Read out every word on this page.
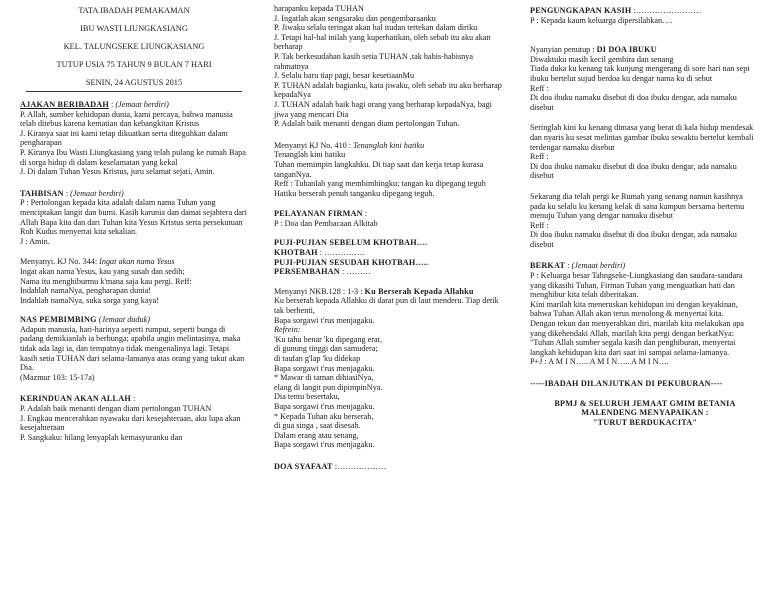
TATA IBADAH PEMAKAMAN

IBU WASTI LIUNGKASIANG

KEL. TALUNGSEKE LIUNGKASIANG

TUTUP USIA 75 TAHUN 9 BULAN 7 HARI

SENIN, 24 AGUSTUS 2015

AJAKAN BERIBADAH : (Jemaat berdiri)

P. Allah, sumber kehidupan dunia, kami percaya, bahwa manusia telah ditebus karena kematian dan kebangkitan Kristus

J. Kiranya saat ini kami tetap dikuatkan serta diteguhkan dalam pengharapan

P. Kiranya Ibu Wasti Liungkasiang yang telah pulang ke rumah Bapa di sorga hidup di dalam keselamatan yang kekal

J. Di dalam Tuhan Yesus Kristus, juru selamat sejati, Amin.

TAHBISAN : (Jemaat berdiri)

P : Pertolongan kepada kita adalah dalam nama Tuhan yang menciptakan langit dan bumi. Kasih karunia dan damai sejahtera dari Allah Bapa kita dan dari Tuhan kita Yesus Kristus serta persekutuan Roh Kudus menyertai kita sekalian.

J : Amin.

Menyanyi. KJ No. 344: Ingat akan nama Yesus

Ingat akan nama Yesus, kau yang susah dan sedih;

Nama itu menghiburmu k'mana saja kau pergi. Reff:

Indahlah namaNya, pengharapan dunia!

Indahlah namaNya, suka sorga yang kaya!

NAS PEMBIMBING (Jemaat duduk)

Adapun manusia, hari-harinya seperti rumput, seperti bunga di padang demikianlah ia berbunga; apabila angin melintasinya, maka tidak ada lagi ia, dan tempatnya tidak mengenalinya lagi. Tetapi kasih setia TUHAN dari selama-lamanya atas orang yang takut akan Dia.

(Mazmur 103: 15-17a)

KERINDUAN AKAN ALLAH :

P. Adalah baik menanti dengan diam pertolongan TUHAN

J. Engkau mencerahkan nyawaku dari kesejahteraan, aku lupa akan kesejahteraan

P. Sangkaku: hilang lenyaplah kemasyuranku dan

harapanku kepada TUHAN

J. Ingatlah akan sengsaraku dan pengembaraanku

P. Jiwaku selalu teringat akan hal itudan tertekan dalam diriku

J. Tetapi hal-hal inilah yang kuperhatikan, oleh sebab itu aku akan berharap

P. Tak berkesudahan kasih setia TUHAN ,tak habis-habisnya rahmatnya

J. Selalu baru tiap pagi, besar kesetiaanMu

P. TUHAN adalah bagianku, kata jiwaku, oleh sebab itu aku berharap kepadaNya

J. TUHAN adalah baik bagi orang yang berharap kepadaNya, bagi jiwa yang mencari Dia

P. Adalah baik menanti dengan diam pertolongan Tuhan.

Menyanyi KJ No. 410 : Tenanglah kini hatiku

Tenanglah kini hatiku

Tuhan memimpin langkahku. Di tiap saat dan kerja tetap kurasa tanganNya.

Reff : Tuhanlah yang membimbingku; tangan ku dipegang teguh

Hatiku berserah penuh tanganku dipegang teguh.

PELAYANAN FIRMAN :

P : Doa dan Pembacaan Alkitab

PUJI-PUJIAN SEBELUM KHOTBAH….

KHOTBAH : ……………

PUJI-PUJIAN SESUDAH KHOTBAH…..

PERSEMBAHAN : ………

Menyanyi NKB.128 : 1-3 : Ku Berserah Kepada Allahku

Ku berserah kepada Allahku di darat pun di laut menderu. Tiap detik tak berhenti,

Bapa sorgawi t'rus menjagaku.

Refrein:

'Ku tahu benar 'ku dipegang erat,

di gunung tinggi dan samudera;

di taufan g'lap 'ku didekap

Bapa sorgawi t'rus menjagaku.

* Mawar di taman dihiasiNya,

elang di langit pun dipimpinNya.

Dia tentu besertaku,

Bapa sorgawi t'rus menjagaku.

* Kepada Tuhan aku berserah,

di gua singa , saat disesah.

Dalam erang atau senang,

Bapa sorgawi t'rus menjagaku.

DOA SYAFAAT :………………

PENGUNGKAPAN KASIH :……………………

P : Kepada kaum keluarga dipersilahkan….

Nyanyian penutup : DI DOA IBUKU

Diwaktuku masih kecil gembira dan senang

Tiada duka ku kenang tak kunjung mengerang di sore hari nan sepi ibuku bertelut sujud berdoa ku dengar nama ku di sebut

Reff :

Di doa ibuku namaku disebut di doa ibuku dengar, ada namaku disebut

Seringlah kini ku kenang dimasa yang berat di kala hidup mendesak dan nyaris ku sesat melintas gambar ibuku sewaktu bertelut kembali terdengar namaku disebut

Reff :

Di doa ibuku namaku disebut di doa ibuku dengar, ada namaku disebut

Sekarang dia telah pergi ke Rumah yang senang namun kasihnya pada ku selalu ku kenang kelak di sana kampun bersama bertemu menuju Tuhan yang dengar namaku disebut

Reff :

Di doa ibuku namaku disebut di doa ibuku dengar, ada namaku disebut

BERKAT : (Jemaat berdiri)

P : Keluarga besar Tahngseke-Liungkasiang dan saudara-saudara yang dikasihi Tuhan, Firman Tuhan yang menguatkan hati dan menghibur kita telah diberitakan.

Kini marilah kita meneruskan kehidupan ini dengan keyakinan, bahwa Tuhan Allah akan terus menolong & menyertai kita.

Dengan tekun dan menyerahkan diri, marilah kita melakukan apa yang dikehendaki Allah, marilah kita pergi dengan berkatNya:

"Tuhan Allah sumber segala kasih dan penghiburan, menyertai langkah kehidupan kita dari saat ini sampai selama-lamanya.

P+J : A M I N….. A M I N….. A M I N….

-----IBADAH DILANJUTKAN DI PEKUBURAN----

BPMJ & SELURUH JEMAAT GMIM BETANIA

MALENDENG MENYAPAIKAN :

"TURUT BERDUKACITA"
